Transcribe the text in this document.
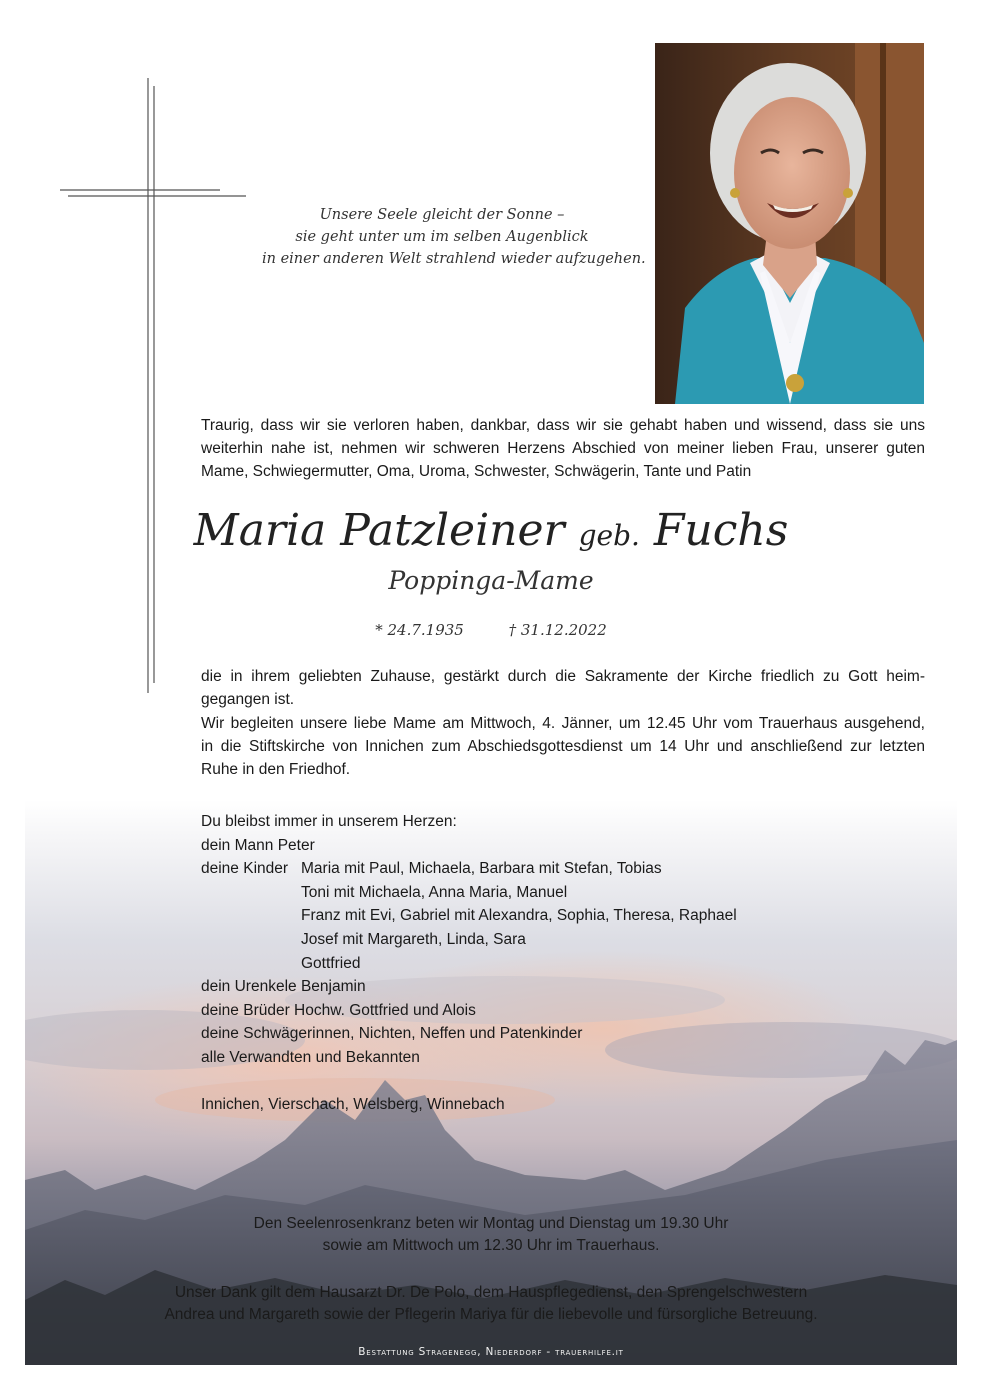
Unsere Seele gleicht der Sonne –
sie geht unter um im selben Augenblick
in einer anderen Welt strahlend wieder aufzugehen.
Traurig, dass wir sie verloren haben, dankbar, dass wir sie gehabt haben und wissend, dass sie uns
weiterhin nahe ist, nehmen wir schweren Herzens Abschied von meiner lieben Frau, unserer guten
Mame, Schwiegermutter, Oma, Uroma, Schwester, Schwägerin, Tante und Patin
Maria Patzleiner geb. Fuchs
Poppinga-Mame
* 24.7.1935	† 31.12.2022
die in ihrem geliebten Zuhause, gestärkt durch die Sakramente der Kirche friedlich zu Gott heim-
gegangen ist.
Wir begleiten unsere liebe Mame am Mittwoch, 4. Jänner, um 12.45 Uhr vom Trauerhaus ausgehend,
in die Stiftskirche von Innichen zum Abschiedsgottesdienst um 14 Uhr und anschließend zur letzten
Ruhe in den Friedhof.
Du bleibst immer in unserem Herzen:
dein Mann Peter
deine Kinder Maria mit Paul, Michaela, Barbara mit Stefan, Tobias
Toni mit Michaela, Anna Maria, Manuel
Franz mit Evi, Gabriel mit Alexandra, Sophia, Theresa, Raphael
Josef mit Margareth, Linda, Sara
Gottfried
dein Urenkele Benjamin
deine Brüder Hochw. Gottfried und Alois
deine Schwägerinnen, Nichten, Neffen und Patenkinder
alle Verwandten und Bekannten
Innichen, Vierschach, Welsberg, Winnebach
Den Seelenrosenkranz beten wir Montag und Dienstag um 19.30 Uhr
sowie am Mittwoch um 12.30 Uhr im Trauerhaus.
Unser Dank gilt dem Hausarzt Dr. De Polo, dem Hauspflegedienst, den Sprengelschwestern
Andrea und Margareth sowie der Pflegerin Mariya für die liebevolle und fürsorgliche Betreuung.
Bestattung Stragenegg, Niederdorf - trauerhilfe.it
